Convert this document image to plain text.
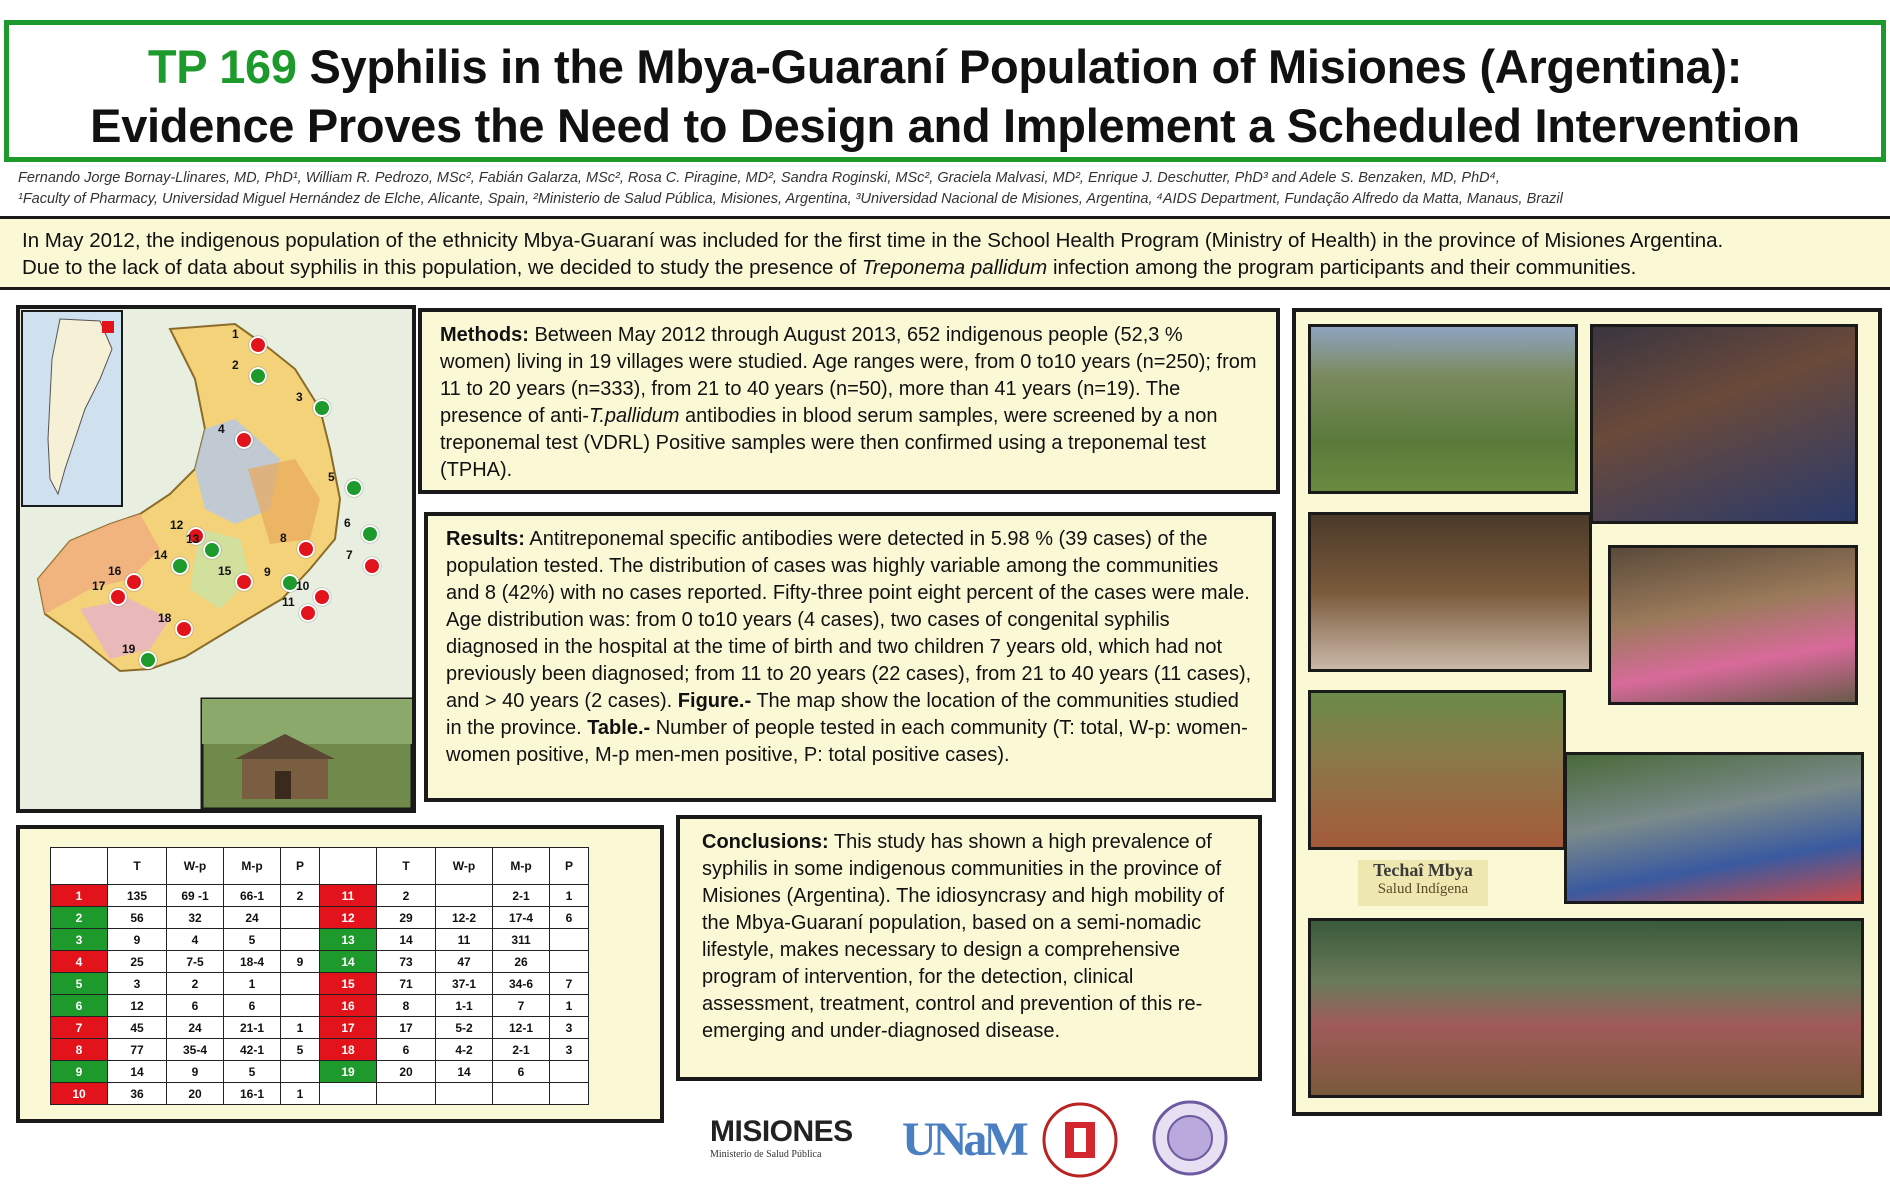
TP 169 Syphilis in the Mbya-Guaraní Population of Misiones (Argentina):
Evidence Proves the Need to Design and Implement a Scheduled Intervention
Fernando Jorge Bornay-Llinares, MD, PhD¹, William R. Pedrozo, MSc², Fabián Galarza, MSc², Rosa C. Piragine, MD², Sandra Roginski, MSc², Graciela Malvasi, MD², Enrique J. Deschutter, PhD³ and Adele S. Benzaken, MD, PhD⁴,
¹Faculty of Pharmacy, Universidad Miguel Hernández de Elche, Alicante, Spain, ²Ministerio de Salud Pública, Misiones, Argentina, ³Universidad Nacional de Misiones, Argentina, ⁴AIDS Department, Fundação Alfredo da Matta, Manaus, Brazil
In May 2012, the indigenous population of the ethnicity Mbya-Guaraní was included for the first time in the School Health Program (Ministry of Health) in the province of Misiones Argentina.
Due to the lack of data about syphilis in this population, we decided to study the presence of Treponema pallidum infection among the program participants and their communities.
1
2
3
4
5
6
7
8
9
10
11
12
13
14
15
16
17
18
19
Methods: Between May 2012 through August 2013, 652 indigenous people (52,3 % women) living in 19 villages were studied. Age ranges were, from 0 to10 years (n=250); from 11 to 20 years (n=333), from 21 to 40 years (n=50), more than 41 years (n=19). The presence of anti-T.pallidum antibodies in blood serum samples, were screened by a non treponemal test (VDRL) Positive samples were then confirmed using a treponemal test (TPHA).
Results: Antitreponemal specific antibodies were detected in 5.98 % (39 cases) of the population tested. The distribution of cases was highly variable among the communities and 8 (42%) with no cases reported. Fifty-three point eight percent of the cases were male. Age distribution was: from 0 to10 years (4 cases), two cases of congenital syphilis diagnosed in the hospital at the time of birth and two children 7 years old, which had not previously been diagnosed; from 11 to 20 years (22 cases), from 21 to 40 years (11 cases), and > 40 years (2 cases). Figure.- The map show the location of the communities studied in the province. Table.- Number of people tested in each community (T: total, W-p: women-women positive, M-p men-men positive, P: total positive cases).
	T	W-p	M-p	P		T	W-p	M-p	P
1	135	69 -1	66-1	2	11	2		2-1	1
2	56	32	24		12	29	12-2	17-4	6
3	9	4	5		13	14	11	311	
4	25	7-5	18-4	9	14	73	47	26	
5	3	2	1		15	71	37-1	34-6	7
6	12	6	6		16	8	1-1	7	1
7	45	24	21-1	1	17	17	5-2	12-1	3
8	77	35-4	42-1	5	18	6	4-2	2-1	3
9	14	9	5		19	20	14	6	
10	36	20	16-1	1					
Conclusions: This study has shown a high prevalence of syphilis in some indigenous communities in the province of Misiones (Argentina). The idiosyncrasy and high mobility of the Mbya-Guaraní population, based on a semi-nomadic lifestyle, makes necessary to design a comprehensive program of intervention, for the detection, clinical assessment, treatment, control and prevention of this re-emerging and under-diagnosed disease.
MISIONES
Ministerio de Salud Pública	UNaM
Techaî Mbya
Salud Indígena
